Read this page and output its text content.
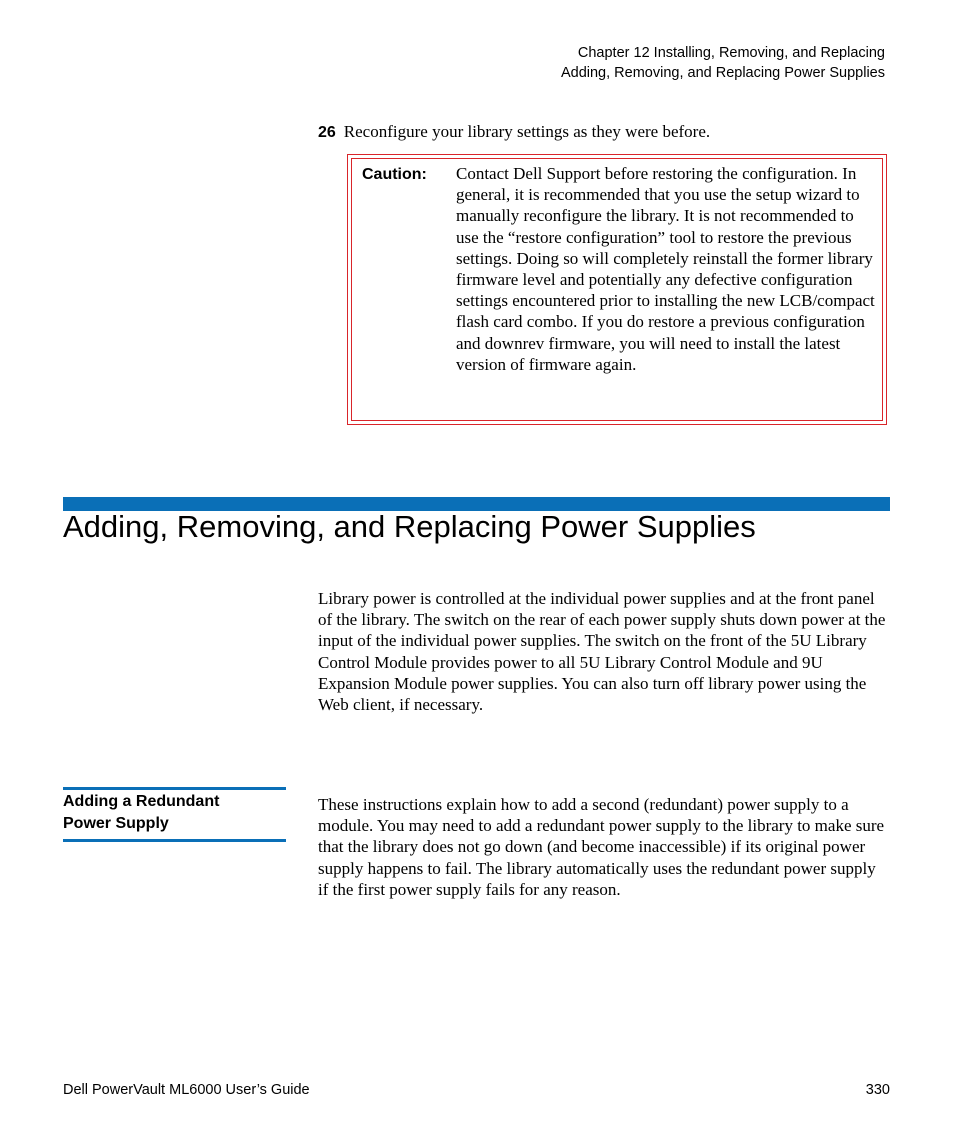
Chapter 12 Installing, Removing, and Replacing
Adding, Removing, and Replacing Power Supplies
26 Reconfigure your library settings as they were before.
Caution: Contact Dell Support before restoring the configuration. In general, it is recommended that you use the setup wizard to manually reconfigure the library. It is not recommended to use the “restore configuration” tool to restore the previous settings. Doing so will completely reinstall the former library firmware level and potentially any defective configuration settings encountered prior to installing the new LCB/compact flash card combo. If you do restore a previous configuration and downrev firmware, you will need to install the latest version of firmware again.
Adding, Removing, and Replacing Power Supplies
Library power is controlled at the individual power supplies and at the front panel of the library. The switch on the rear of each power supply shuts down power at the input of the individual power supplies. The switch on the front of the 5U Library Control Module provides power to all 5U Library Control Module and 9U Expansion Module power supplies. You can also turn off library power using the Web client, if necessary.
Adding a Redundant
Power Supply
These instructions explain how to add a second (redundant) power supply to a module. You may need to add a redundant power supply to the library to make sure that the library does not go down (and become inaccessible) if its original power supply happens to fail. The library automatically uses the redundant power supply if the first power supply fails for any reason.
Dell PowerVault ML6000 User’s Guide	330
